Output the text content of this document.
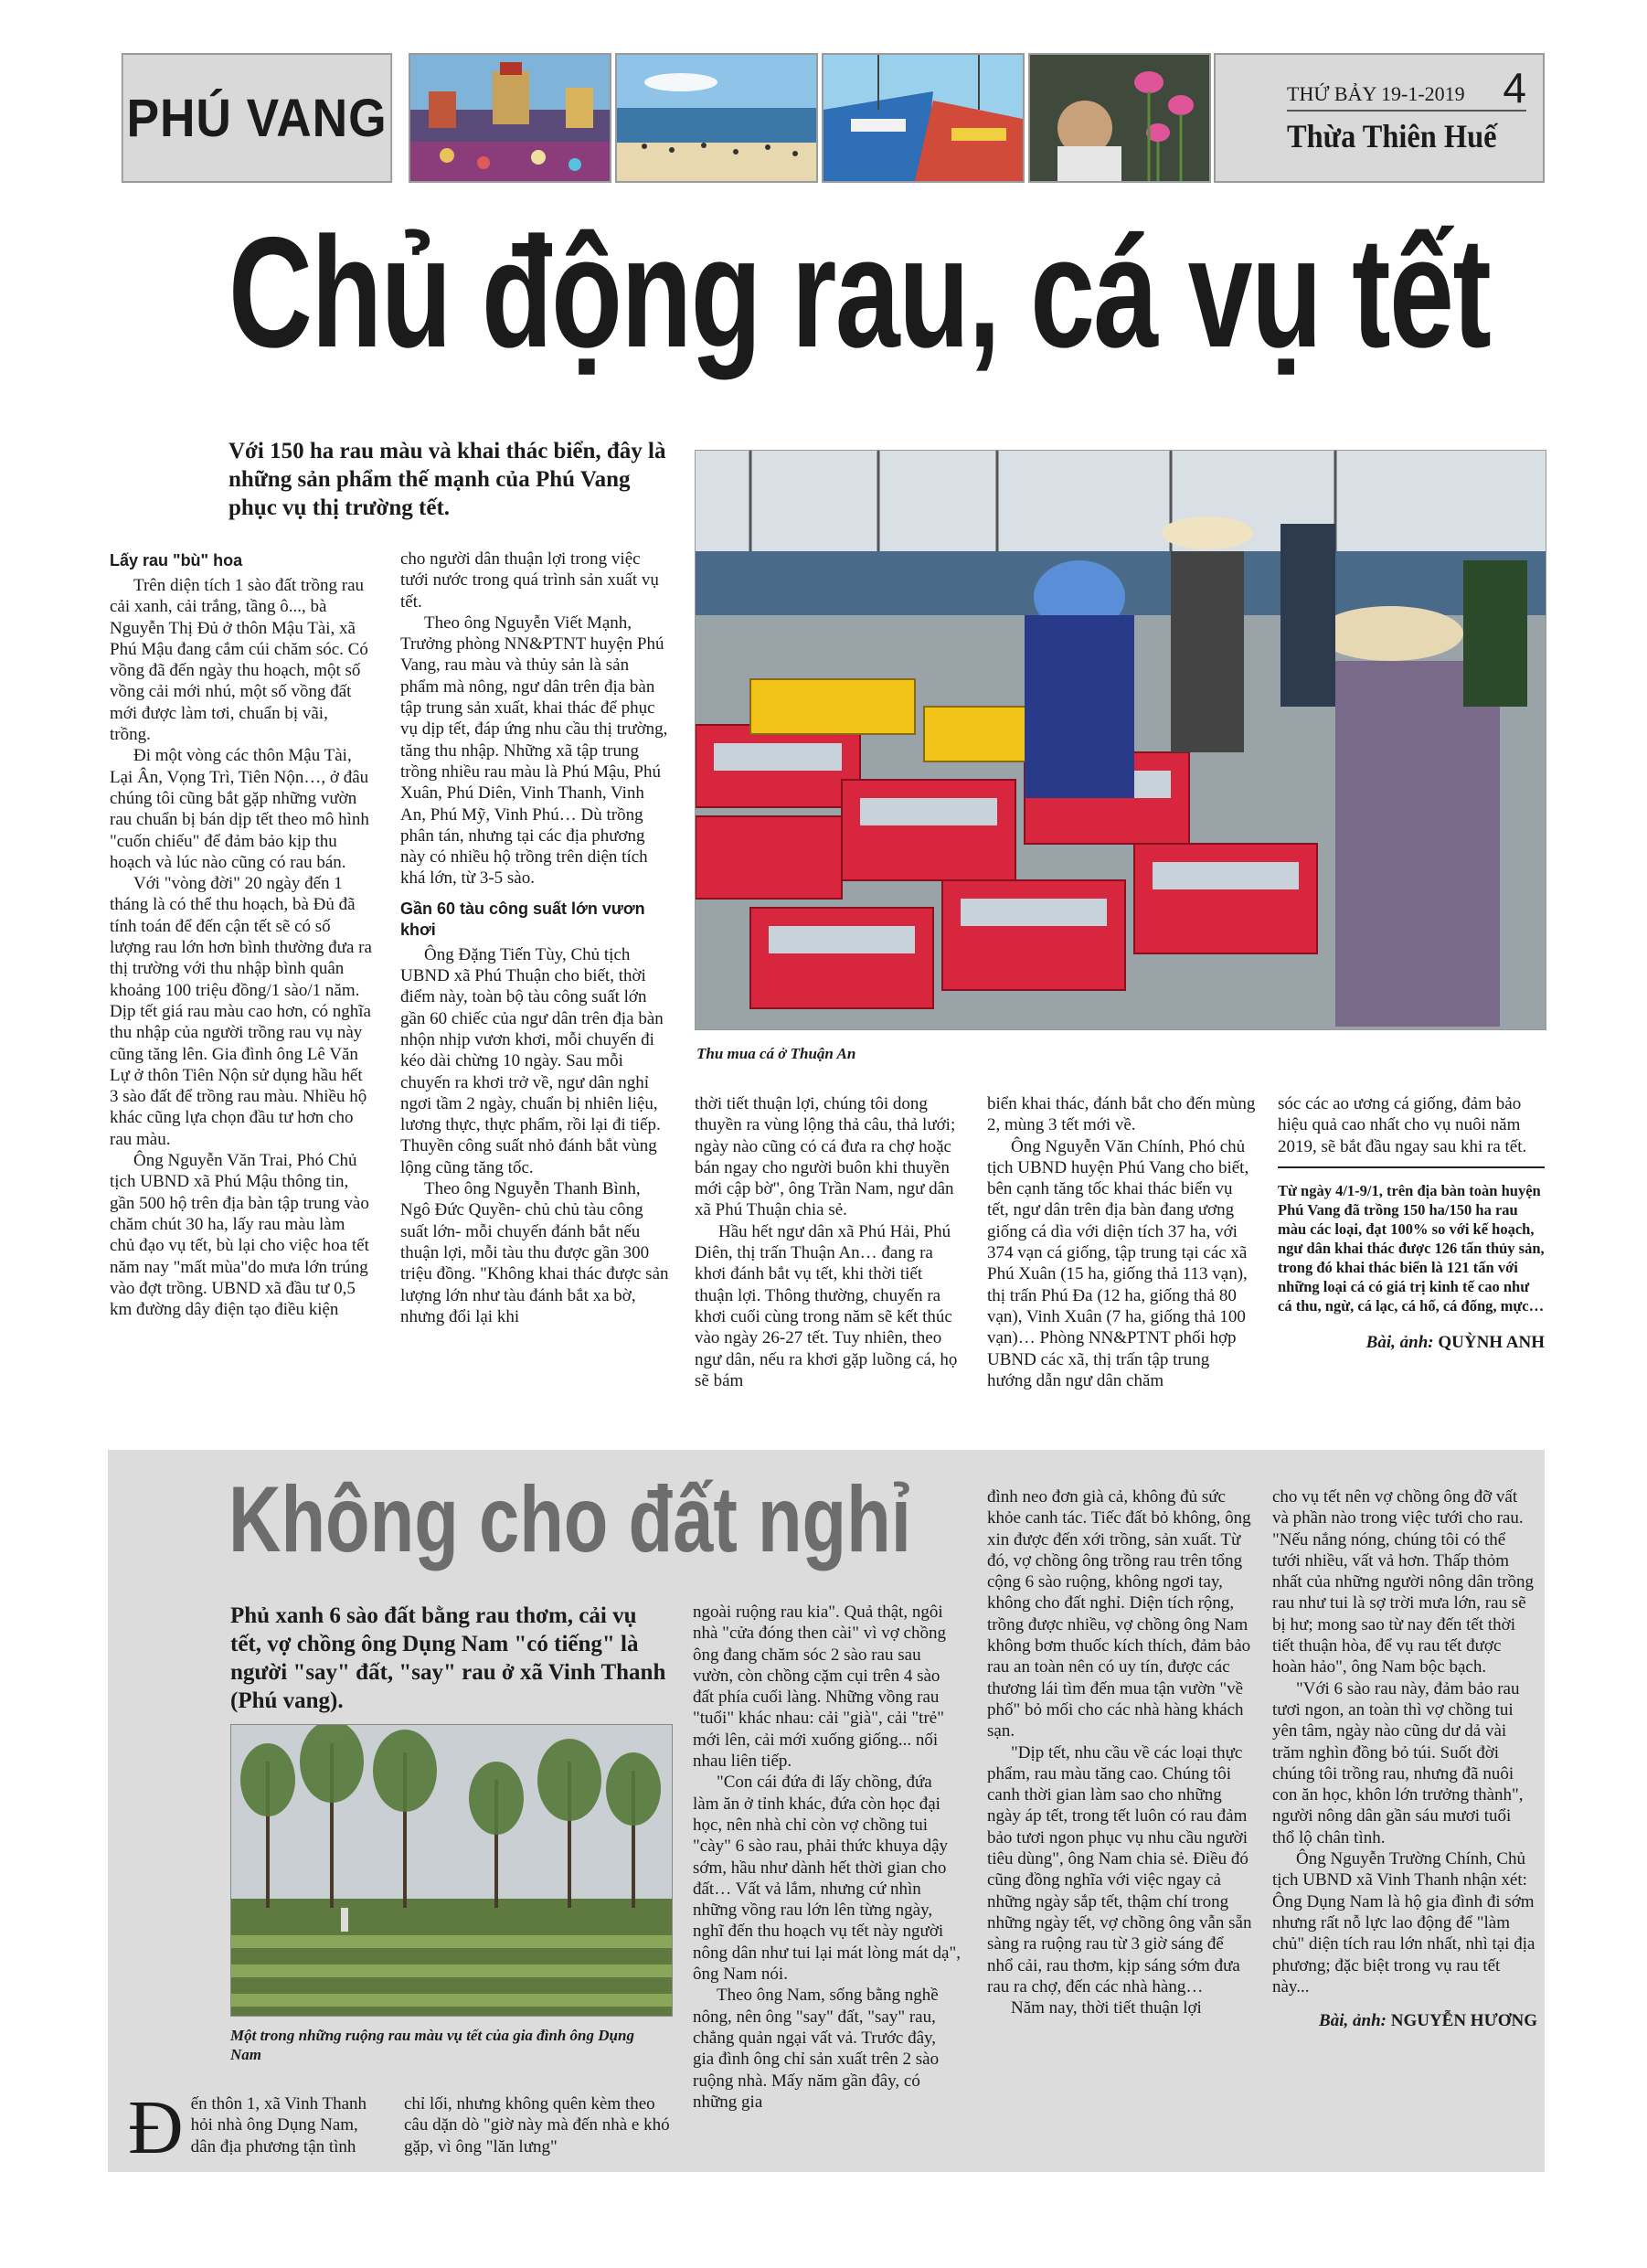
PHÚ VANG	THỨ BẢY 19-1-2019 4
Thừa Thiên Huế
Chủ động rau, cá vụ tết
Với 150 ha rau màu và khai thác biển, đây là những sản phẩm thế mạnh của Phú Vang phục vụ thị trường tết.
Thu mua cá ở Thuận An
Lấy rau "bù" hoa

Trên diện tích 1 sào đất trồng rau cải xanh, cải trắng, tầng ô..., bà Nguyễn Thị Đủ ở thôn Mậu Tài, xã Phú Mậu đang cắm cúi chăm sóc. Có vồng đã đến ngày thu hoạch, một số vồng cải mới nhú, một số vồng đất mới được làm tơi, chuẩn bị vãi, trồng.

Đi một vòng các thôn Mậu Tài, Lại Ân, Vọng Trì, Tiên Nộn…, ở đâu chúng tôi cũng bắt gặp những vườn rau chuẩn bị bán dịp tết theo mô hình "cuốn chiếu" để đảm bảo kịp thu hoạch và lúc nào cũng có rau bán.

Với "vòng đời" 20 ngày đến 1 tháng là có thể thu hoạch, bà Đủ đã tính toán để đến cận tết sẽ có số lượng rau lớn hơn bình thường đưa ra thị trường với thu nhập bình quân khoảng 100 triệu đồng/1 sào/1 năm. Dịp tết giá rau màu cao hơn, có nghĩa thu nhập của người trồng rau vụ này cũng tăng lên. Gia đình ông Lê Văn Lự ở thôn Tiên Nộn sử dụng hầu hết 3 sào đất để trồng rau màu. Nhiều hộ khác cũng lựa chọn đầu tư hơn cho rau màu.

Ông Nguyễn Văn Trai, Phó Chủ tịch UBND xã Phú Mậu thông tin, gần 500 hộ trên địa bàn tập trung vào chăm chút 30 ha, lấy rau màu làm chủ đạo vụ tết, bù lại cho việc hoa tết năm nay "mất mùa"do mưa lớn trúng vào đợt trồng. UBND xã đầu tư 0,5 km đường dây điện tạo điều kiện

cho người dân thuận lợi trong việc tưới nước trong quá trình sản xuất vụ tết.

Theo ông Nguyễn Viết Mạnh, Trưởng phòng NN&PTNT huyện Phú Vang, rau màu và thủy sản là sản phẩm mà nông, ngư dân trên địa bàn tập trung sản xuất, khai thác để phục vụ dịp tết, đáp ứng nhu cầu thị trường, tăng thu nhập. Những xã tập trung trồng nhiều rau màu là Phú Mậu, Phú Xuân, Phú Diên, Vinh Thanh, Vinh An, Phú Mỹ, Vinh Phú… Dù trồng phân tán, nhưng tại các địa phương này có nhiều hộ trồng trên diện tích khá lớn, từ 3-5 sào.

Gần 60 tàu công suất lớn vươn khơi

Ông Đặng Tiến Tùy, Chủ tịch UBND xã Phú Thuận cho biết, thời điểm này, toàn bộ tàu công suất lớn gần 60 chiếc của ngư dân trên địa bàn nhộn nhịp vươn khơi, mỗi chuyến đi kéo dài chừng 10 ngày. Sau mỗi chuyến ra khơi trở về, ngư dân nghỉ ngơi tầm 2 ngày, chuẩn bị nhiên liệu, lương thực, thực phẩm, rồi lại đi tiếp. Thuyền công suất nhỏ đánh bắt vùng lộng cũng tăng tốc.

Theo ông Nguyễn Thanh Bình, Ngô Đức Quyền- chủ chủ tàu công suất lớn- mỗi chuyến đánh bắt nếu thuận lợi, mỗi tàu thu được gần 300 triệu đồng. "Không khai thác được sản lượng lớn như tàu đánh bắt xa bờ, nhưng đổi lại khi

thời tiết thuận lợi, chúng tôi dong thuyền ra vùng lộng thả câu, thả lưới; ngày nào cũng có cá đưa ra chợ hoặc bán ngay cho người buôn khi thuyền mới cập bờ", ông Trần Nam, ngư dân xã Phú Thuận chia sẻ.

Hầu hết ngư dân xã Phú Hải, Phú Diên, thị trấn Thuận An… đang ra khơi đánh bắt vụ tết, khi thời tiết thuận lợi. Thông thường, chuyến ra khơi cuối cùng trong năm sẽ kết thúc vào ngày 26-27 tết. Tuy nhiên, theo ngư dân, nếu ra khơi gặp luồng cá, họ sẽ bám

biển khai thác, đánh bắt cho đến mùng 2, mùng 3 tết mới về.

Ông Nguyễn Văn Chính, Phó chủ tịch UBND huyện Phú Vang cho biết, bên cạnh tăng tốc khai thác biển vụ tết, ngư dân trên địa bàn đang ương giống cá dìa với diện tích 37 ha, với 374 vạn cá giống, tập trung tại các xã Phú Xuân (15 ha, giống thả 113 vạn), thị trấn Phú Đa (12 ha, giống thả 80 vạn), Vinh Xuân (7 ha, giống thả 100 vạn)… Phòng NN&PTNT phối hợp UBND các xã, thị trấn tập trung hướng dẫn ngư dân chăm

sóc các ao ương cá giống, đảm bảo hiệu quả cao nhất cho vụ nuôi năm 2019, sẽ bắt đầu ngay sau khi ra tết.

Từ ngày 4/1-9/1, trên địa bàn toàn huyện Phú Vang đã trồng 150 ha/150 ha rau màu các loại, đạt 100% so với kế hoạch, ngư dân khai thác được 126 tấn thủy sản, trong đó khai thác biển là 121 tấn với những loại cá có giá trị kinh tế cao như cá thu, ngừ, cá lạc, cá hố, cá đống, mực…
Bài, ảnh: QUỲNH ANH
Không cho đất nghỉ
Phủ xanh 6 sào đất bằng rau thơm, cải vụ tết, vợ chồng ông Dụng Nam "có tiếng" là người "say" đất, "say" rau ở xã Vinh Thanh (Phú vang).
Một trong những ruộng rau màu vụ tết của gia đình ông Dụng Nam
Đ ến thôn 1, xã Vinh Thanh hỏi nhà ông Dụng Nam, dân địa phương tận tình

chỉ lối, nhưng không quên kèm theo câu dặn dò "giờ này mà đến nhà e khó gặp, vì ông "lăn lưng"

ngoài ruộng rau kia". Quả thật, ngôi nhà "cửa đóng then cài" vì vợ chồng ông đang chăm sóc 2 sào rau sau vườn, còn chồng cặm cụi trên 4 sào đất phía cuối làng. Những vồng rau "tuổi" khác nhau: cải "già", cải "trẻ" mới lên, cải mới xuống giống... nối nhau liên tiếp.

"Con cái đứa đi lấy chồng, đứa làm ăn ở tỉnh khác, đứa còn học đại học, nên nhà chỉ còn vợ chồng tui "cày" 6 sào rau, phải thức khuya dậy sớm, hầu như dành hết thời gian cho đất… Vất vả lắm, nhưng cứ nhìn những vồng rau lớn lên từng ngày, nghĩ đến thu hoạch vụ tết này người nông dân như tui lại mát lòng mát dạ", ông Nam nói.

Theo ông Nam, sống bằng nghề nông, nên ông "say" đất, "say" rau, chẳng quản ngại vất vả. Trước đây, gia đình ông chỉ sản xuất trên 2 sào ruộng nhà. Mấy năm gần đây, có những gia

đình neo đơn già cả, không đủ sức khỏe canh tác. Tiếc đất bỏ không, ông xin được đến xới trồng, sản xuất. Từ đó, vợ chồng ông trồng rau trên tổng cộng 6 sào ruộng, không ngơi tay, không cho đất nghỉ. Diện tích rộng, trồng được nhiều, vợ chồng ông Nam không bơm thuốc kích thích, đảm bảo rau an toàn nên có uy tín, được các thương lái tìm đến mua tận vườn "về phố" bỏ mối cho các nhà hàng khách sạn.

"Dịp tết, nhu cầu về các loại thực phẩm, rau màu tăng cao. Chúng tôi canh thời gian làm sao cho những ngày áp tết, trong tết luôn có rau đảm bảo tươi ngon phục vụ nhu cầu người tiêu dùng", ông Nam chia sẻ. Điều đó cũng đồng nghĩa với việc ngay cả những ngày sắp tết, thậm chí trong những ngày tết, vợ chồng ông vẫn sẵn sàng ra ruộng rau từ 3 giờ sáng để nhổ cải, rau thơm, kịp sáng sớm đưa rau ra chợ, đến các nhà hàng…

Năm nay, thời tiết thuận lợi

cho vụ tết nên vợ chồng ông đỡ vất và phần nào trong việc tưới cho rau. "Nếu nắng nóng, chúng tôi có thể tưới nhiều, vất vả hơn. Thấp thỏm nhất của những người nông dân trồng rau như tui là sợ trời mưa lớn, rau sẽ bị hư; mong sao từ nay đến tết thời tiết thuận hòa, để vụ rau tết được hoàn hảo", ông Nam bộc bạch.

"Với 6 sào rau này, đảm bảo rau tươi ngon, an toàn thì vợ chồng tui yên tâm, ngày nào cũng dư dả vài trăm nghìn đồng bỏ túi. Suốt đời chúng tôi trồng rau, nhưng đã nuôi con ăn học, khôn lớn trưởng thành", người nông dân gần sáu mươi tuổi thổ lộ chân tình.

Ông Nguyễn Trường Chính, Chủ tịch UBND xã Vinh Thanh nhận xét: Ông Dụng Nam là hộ gia đình đi sớm nhưng rất nỗ lực lao động để "làm chủ" diện tích rau lớn nhất, nhì tại địa phương; đặc biệt trong vụ rau tết này...

Bài, ảnh: NGUYỄN HƯƠNG
